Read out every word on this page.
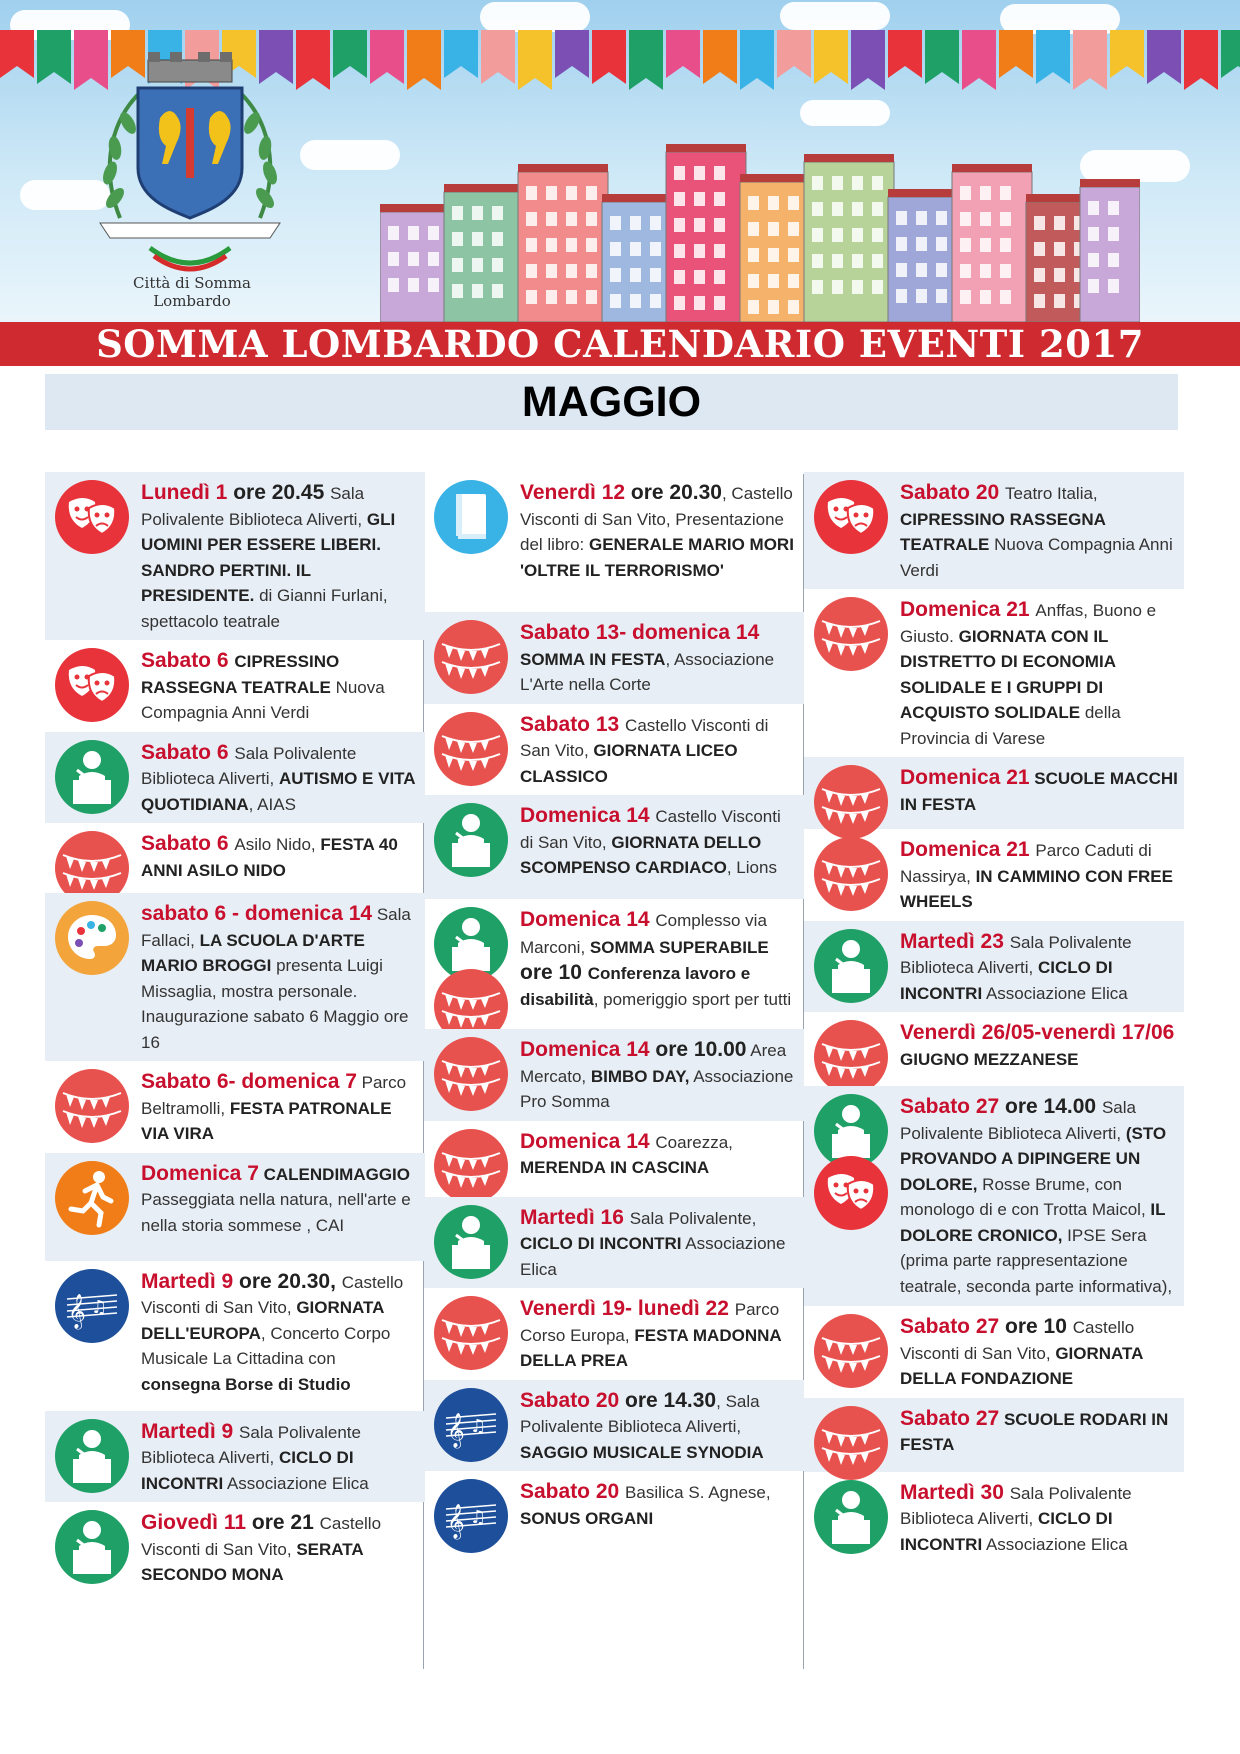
Città di Somma Lombardo
SOMMA LOMBARDO CALENDARIO EVENTI 2017
MAGGIO
Lunedì 1 ore 20.45 Sala Polivalente Biblioteca Aliverti, GLI UOMINI PER ESSERE LIBERI. SANDRO PERTINI. IL PRESIDENTE. di Gianni Furlani, spettacolo teatrale
Sabato 6 CIPRESSINO RASSEGNA TEATRALE Nuova Compagnia Anni Verdi
Sabato 6 Sala Polivalente Biblioteca Aliverti, AUTISMO E VITA QUOTIDIANA, AIAS
Sabato 6 Asilo Nido, FESTA 40 ANNI ASILO NIDO
sabato 6 - domenica 14 Sala Fallaci, LA SCUOLA D'ARTE MARIO BROGGI presenta Luigi Missaglia, mostra personale. Inaugurazione sabato 6 Maggio ore 16
Sabato 6- domenica 7 Parco Beltramolli, FESTA PATRONALE VIA VIRA
Domenica 7 CALENDIMAGGIO Passeggiata nella natura, nell'arte e nella storia sommese , CAI
𝄞 ♫
Martedì 9 ore 20.30, Castello Visconti di San Vito, GIORNATA DELL'EUROPA, Concerto Corpo Musicale La Cittadina con consegna Borse di Studio
Martedì 9 Sala Polivalente Biblioteca Aliverti, CICLO DI INCONTRI Associazione Elica
Giovedì 11 ore 21 Castello Visconti di San Vito, SERATA SECONDO MONA
Venerdì 12 ore 20.30, Castello Visconti di San Vito, Presentazione del libro: GENERALE MARIO MORI 'OLTRE IL TERRORISMO'
Sabato 13- domenica 14 SOMMA IN FESTA, Associazione L'Arte nella Corte
Sabato 13 Castello Visconti di San Vito, GIORNATA LICEO CLASSICO
Domenica 14 Castello Visconti di San Vito, GIORNATA DELLO SCOMPENSO CARDIACO, Lions
Domenica 14 Complesso via Marconi, SOMMA SUPERABILE ore 10 Conferenza lavoro e disabilità, pomeriggio sport per tutti
Domenica 14 ore 10.00 Area Mercato, BIMBO DAY, Associazione Pro Somma
Domenica 14 Coarezza, MERENDA IN CASCINA
Martedì 16 Sala Polivalente, CICLO DI INCONTRI Associazione Elica
Venerdì 19- lunedì 22 Parco Corso Europa, FESTA MADONNA DELLA PREA
𝄞 ♫
Sabato 20 ore 14.30, Sala Polivalente Biblioteca Aliverti, SAGGIO MUSICALE SYNODIA
𝄞 ♫
Sabato 20 Basilica S. Agnese, SONUS ORGANI
Sabato 20 Teatro Italia, CIPRESSINO RASSEGNA TEATRALE Nuova Compagnia Anni Verdi
Domenica 21 Anffas, Buono e Giusto. GIORNATA CON IL DISTRETTO DI ECONOMIA SOLIDALE E I GRUPPI DI ACQUISTO SOLIDALE della Provincia di Varese
Domenica 21 SCUOLE MACCHI IN FESTA
Domenica 21 Parco Caduti di Nassirya, IN CAMMINO CON FREE WHEELS
Martedì 23 Sala Polivalente Biblioteca Aliverti, CICLO DI INCONTRI Associazione Elica
Venerdì 26/05-venerdì 17/06 GIUGNO MEZZANESE
Sabato 27 ore 14.00 Sala Polivalente Biblioteca Aliverti, (STO PROVANDO A DIPINGERE UN DOLORE, Rosse Brume, con monologo di e con Trotta Maicol, IL DOLORE CRONICO, IPSE Sera (prima parte rappresentazione teatrale, seconda parte informativa),
Sabato 27 ore 10 Castello Visconti di San Vito, GIORNATA DELLA FONDAZIONE
Sabato 27 SCUOLE RODARI IN FESTA
Martedì 30 Sala Polivalente Biblioteca Aliverti, CICLO DI INCONTRI Associazione Elica
